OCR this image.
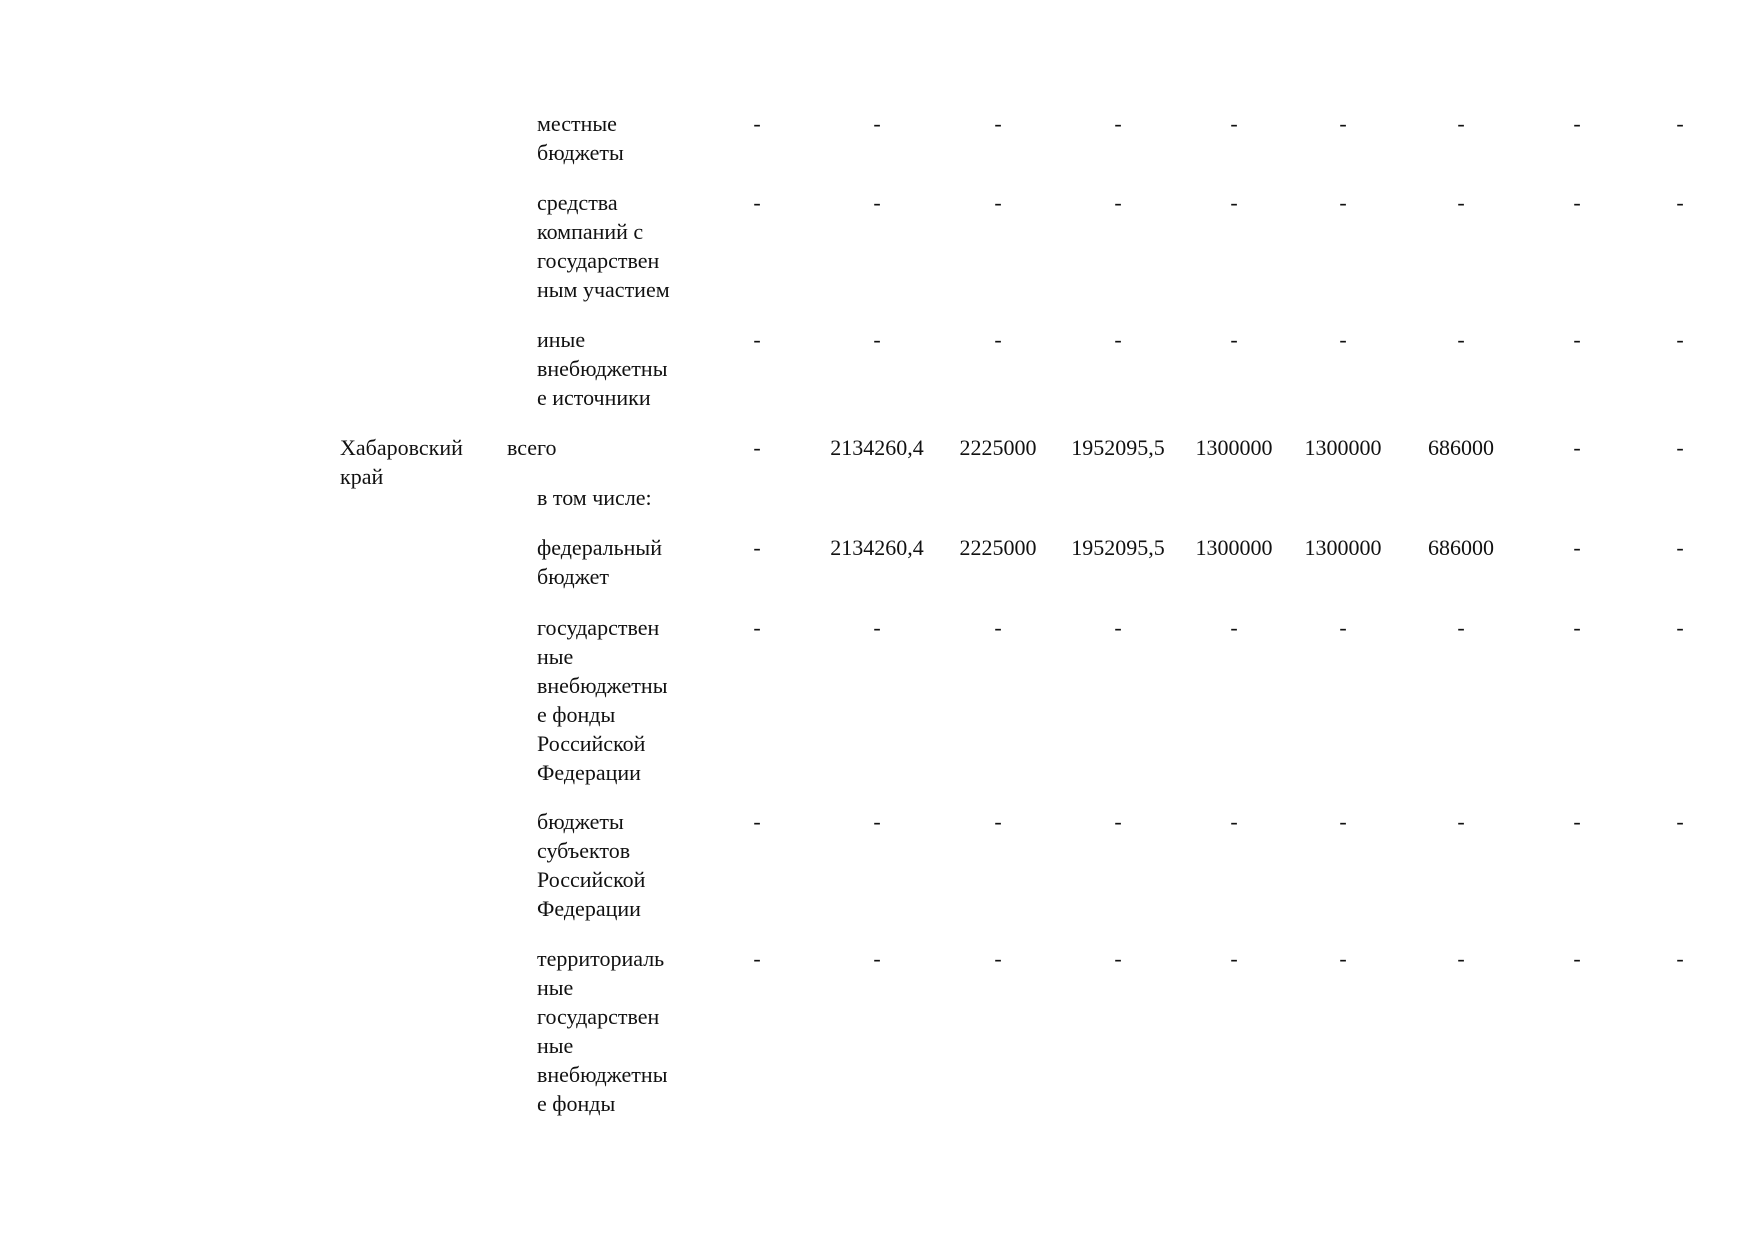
местные
бюджеты
-	-	-	-	-	-	-	-	-
средства
компаний с
государствен
ным участием
-	-	-	-	-	-	-	-	-
иные
внебюджетны
е источники
-	-	-	-	-	-	-	-	-
Хабаровский
край
всего	-	2134260,4	2225000	1952095,5	1300000	1300000	686000	-	-
в том числе:
федеральный
бюджет
-	2134260,4	2225000	1952095,5	1300000	1300000	686000	-	-
государствен
ные
внебюджетны
е фонды
Российской
Федерации
-	-	-	-	-	-	-	-	-
бюджеты
субъектов
Российской
Федерации
-	-	-	-	-	-	-	-	-
территориаль
ные
государствен
ные
внебюджетны
е фонды
-	-	-	-	-	-	-	-	-
